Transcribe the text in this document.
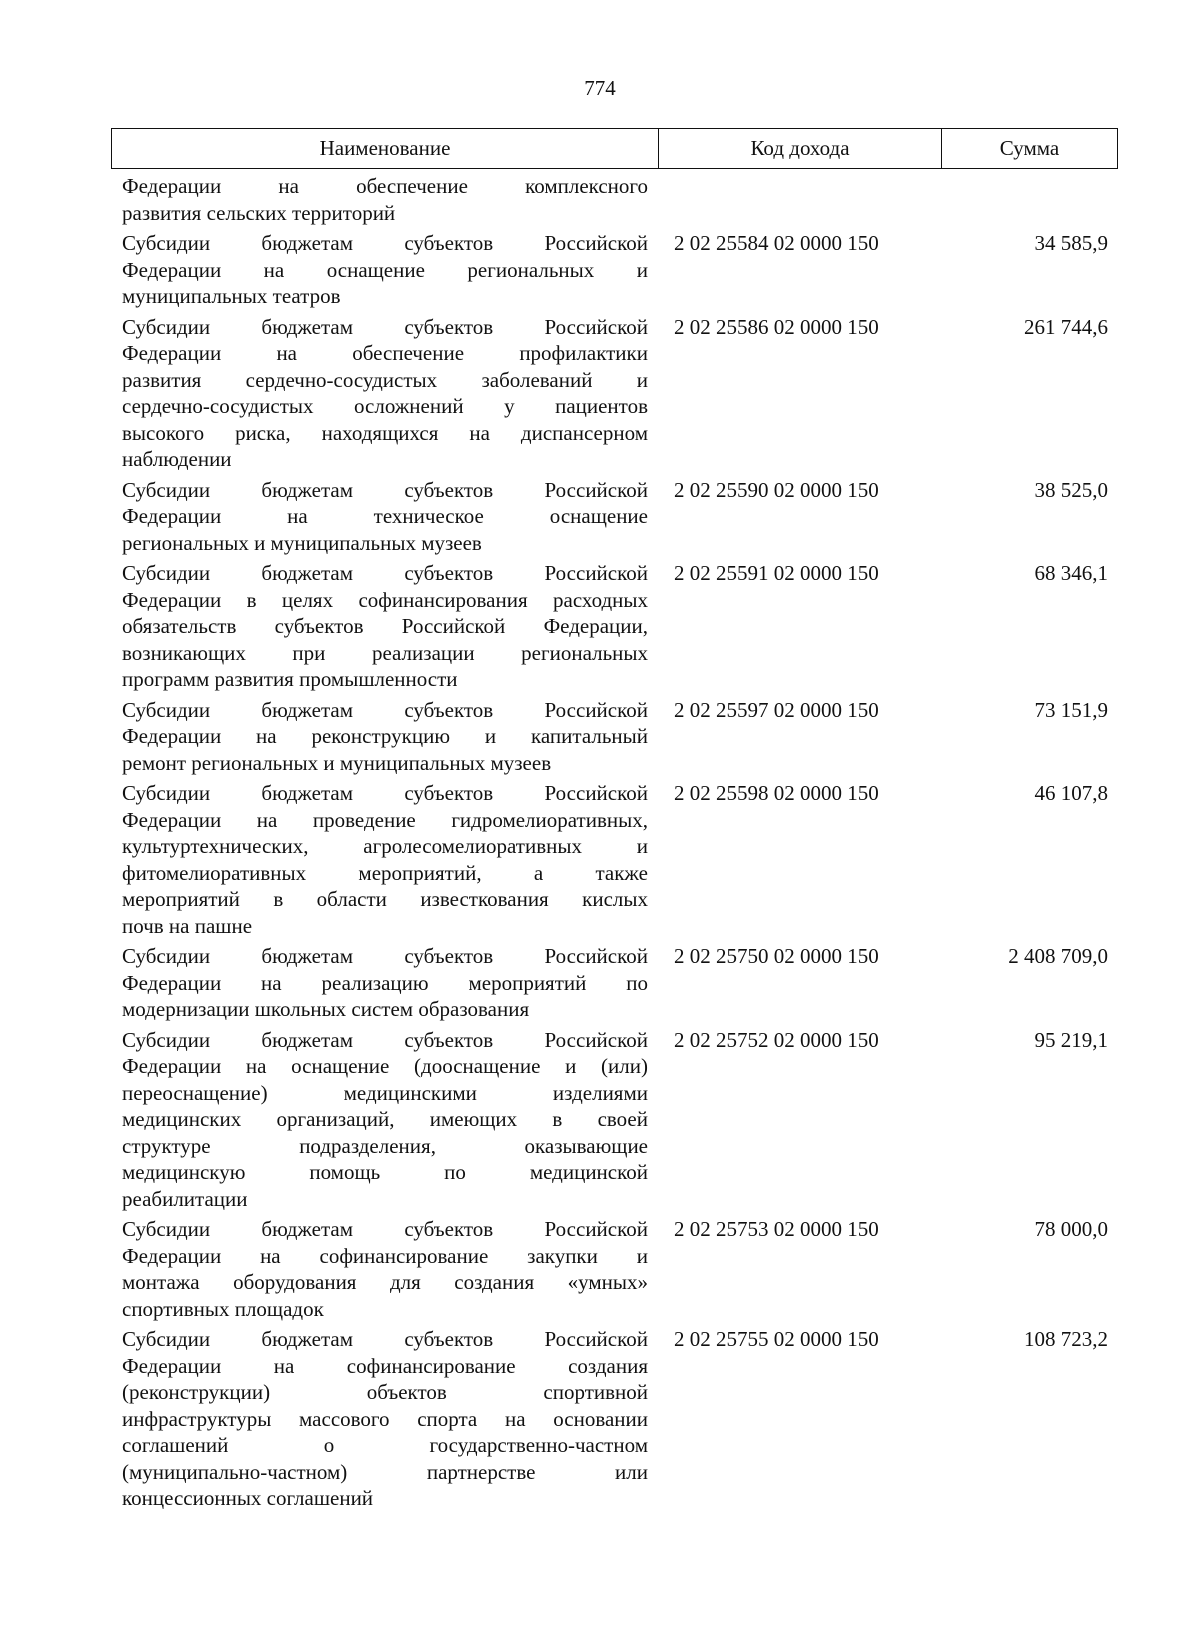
774
Наименование	Код дохода	Сумма
Федерации на обеспечение комплексного
развития сельских территорий
Субсидии бюджетам субъектов Российской
Федерации на оснащение региональных и
муниципальных театров
2 02 25584 02 0000 150	34 585,9
Субсидии бюджетам субъектов Российской
Федерации на обеспечение профилактики
развития сердечно-сосудистых заболеваний и
сердечно-сосудистых осложнений у пациентов
высокого риска, находящихся на диспансерном
наблюдении
2 02 25586 02 0000 150	261 744,6
Субсидии бюджетам субъектов Российской
Федерации на техническое оснащение
региональных и муниципальных музеев
2 02 25590 02 0000 150	38 525,0
Субсидии бюджетам субъектов Российской
Федерации в целях софинансирования расходных
обязательств субъектов Российской Федерации,
возникающих при реализации региональных
программ развития промышленности
2 02 25591 02 0000 150	68 346,1
Субсидии бюджетам субъектов Российской
Федерации на реконструкцию и капитальный
ремонт региональных и муниципальных музеев
2 02 25597 02 0000 150	73 151,9
Субсидии бюджетам субъектов Российской
Федерации на проведение гидромелиоративных,
культуртехнических, агролесомелиоративных и
фитомелиоративных мероприятий, а также
мероприятий в области известкования кислых
почв на пашне
2 02 25598 02 0000 150	46 107,8
Субсидии бюджетам субъектов Российской
Федерации на реализацию мероприятий по
модернизации школьных систем образования
2 02 25750 02 0000 150	2 408 709,0
Субсидии бюджетам субъектов Российской
Федерации на оснащение (дооснащение и (или)
переоснащение) медицинскими изделиями
медицинских организаций, имеющих в своей
структуре подразделения, оказывающие
медицинскую помощь по медицинской
реабилитации
2 02 25752 02 0000 150	95 219,1
Субсидии бюджетам субъектов Российской
Федерации на софинансирование закупки и
монтажа оборудования для создания «умных»
спортивных площадок
2 02 25753 02 0000 150	78 000,0
Субсидии бюджетам субъектов Российской
Федерации на софинансирование создания
(реконструкции) объектов спортивной
инфраструктуры массового спорта на основании
соглашений о государственно-частном
(муниципально-частном) партнерстве или
концессионных соглашений
2 02 25755 02 0000 150	108 723,2
